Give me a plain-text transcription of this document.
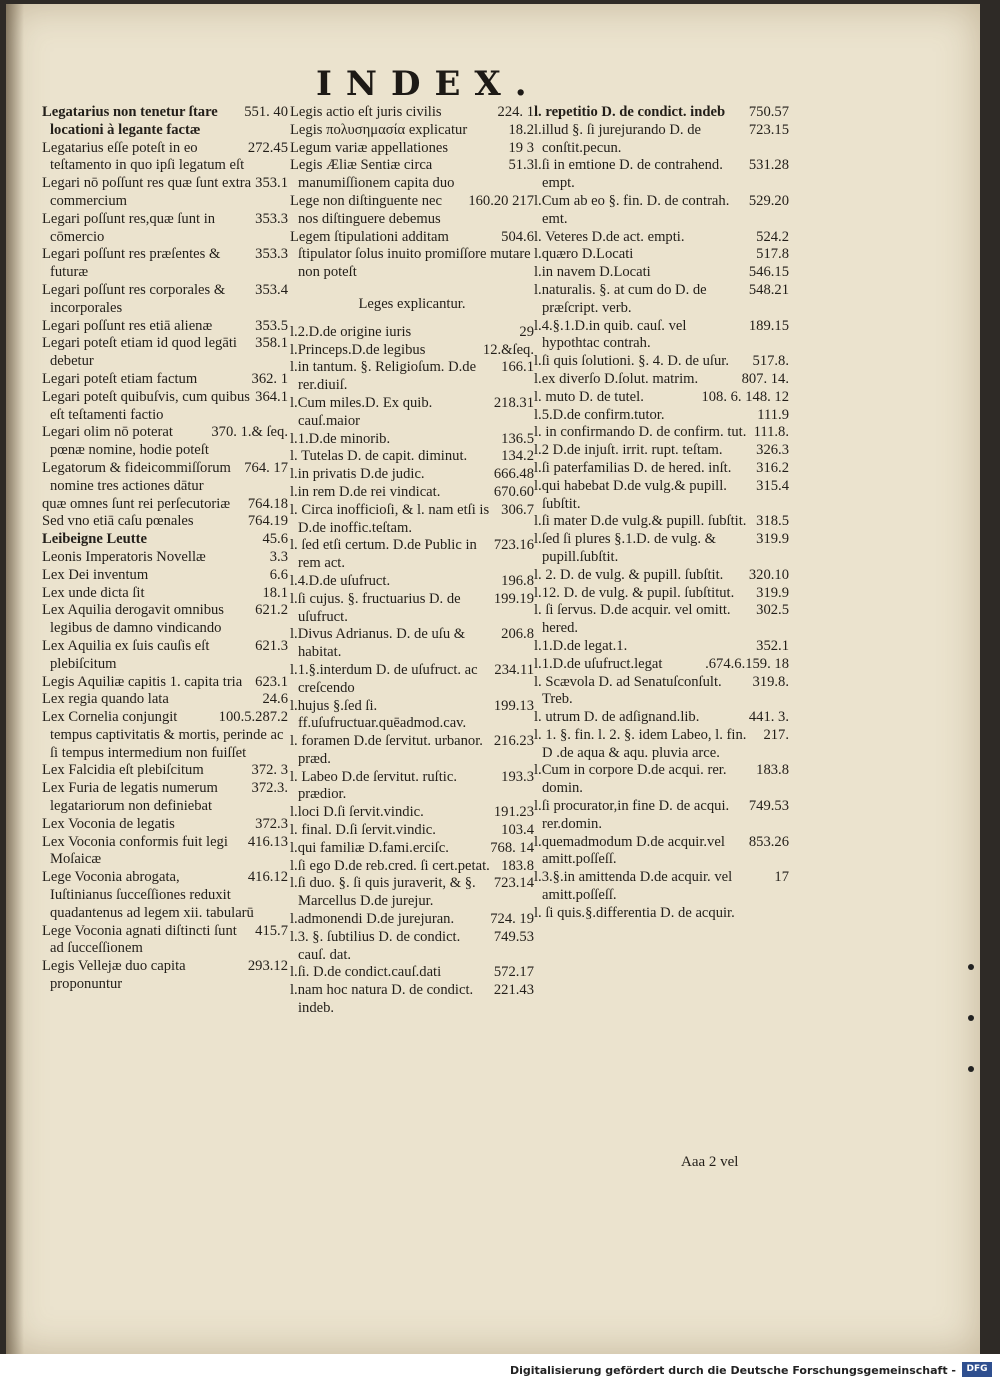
INDEX.

551. 40
Legatarius non tenetur ſtare locationi à legante factæ

272.45
Legatarius eſſe poteſt in eo teſtamento in quo ipſi legatum eſt

353.1
Legari nō poſſunt res quæ ſunt extra commercium

353.3
Legari poſſunt res,quæ ſunt in cōmercio

353.3
Legari poſſunt res præſentes & futuræ

353.4
Legari poſſunt res corporales & incorporales

353.5
Legari poſſunt res etiā alienæ

358.1
Legari poteſt etiam id quod legāti debetur

362. 1
Legari poteſt etiam factum

364.1
Legari poteſt quibuſvis, cum quibus eſt teſtamenti factio

370. 1.& ſeq.
Legari olim nō poterat pœnæ nomine, hodie poteſt

764. 17
Legatorum & fideicommiſſorum nomine tres actiones dātur

764.18
quæ omnes ſunt rei perſecutoriæ

764.19
Sed vno etiā caſu pœnales

45.6
Leibeigne Leutte

3.3
Leonis Imperatoris Novellæ

6.6
Lex Dei inventum

18.1
Lex unde dicta ſit

621.2
Lex Aquilia derogavit omnibus legibus de damno vindicando

621.3
Lex Aquilia ex ſuis cauſis eſt plebiſcitum

623.1
Legis Aquiliæ capitis 1. capita tria

24.6
Lex regia quando lata

100.5.287.2
Lex Cornelia conjungit tempus captivitatis & mortis, perinde ac ſi tempus intermedium non fuiſſet

372. 3
Lex Falcidia eſt plebiſcitum

372.3.
Lex Furia de legatis numerum legatariorum non definiebat

372.3
Lex Voconia de legatis

416.13
Lex Voconia conformis fuit legi Moſaicæ

416.12
Lege Voconia abrogata, Iuſtinianus ſucceſſiones reduxit quadantenus ad legem xii. tabularū

415.7
Lege Voconia agnati diſtincti ſunt ad ſucceſſionem

293.12
Legis Vellejæ duo capita proponuntur

224. 1
Legis actio eſt juris civilis

18.2
Legis πολυσημασία explicatur

19 3
Legum variæ appellationes

51.3
Legis Æliæ Sentiæ circa manumiſſionem capita duo

160.20 217
Lege non diſtinguente nec nos diſtinguere debemus

504.6
Legem ſtipulationi additam ſtipulator ſolus inuito promiſſore mutare non poteſt

Leges explicantur.

29
l.2.D.de origine iuris

12.&ſeq.
l.Princeps.D.de legibus

166.1
l.in tantum. §. Religioſum. D.de rer.diuiſ.

218.31
l.Cum miles.D. Ex quib. cauſ.maior

136.5
l.1.D.de minorib.

134.2
l. Tutelas D. de capit. diminut.

666.48
l.in privatis D.de judic.

670.60
l.in rem D.de rei vindicat.

306.7
l. Circa inofficioſi, & l. nam etſi is D.de inoffic.teſtam.

723.16
l. ſed etſi certum. D.de Public in rem act.

196.8
l.4.D.de uſufruct.

199.19
l.ſi cujus. §. fructuarius D. de uſufruct.

206.8
l.Divus Adrianus. D. de uſu & habitat.

234.11
l.1.§.interdum D. de uſufruct. ac creſcendo

199.13
l.hujus §.ſed ſi. ff.uſufructuar.quēadmod.cav.

216.23
l. foramen D.de ſervitut. urbanor. præd.

193.3
l. Labeo D.de ſervitut. ruſtic. prædior.

191.23
l.loci D.ſi ſervit.vindic.

103.4
l. final. D.ſi ſervit.vindic.

768. 14
l.qui familiæ D.fami.erciſc.

183.8
l.ſi ego D.de reb.cred. ſi cert.petat.

723.14
l.ſi duo. §. ſi quis juraverit, & §. Marcellus D.de jurejur.

724. 19
l.admonendi D.de jurejuran.

749.53
l.3. §. ſubtilius D. de condict. cauſ. dat.

572.17
l.ſi. D.de condict.cauſ.dati

221.43
l.nam hoc natura D. de condict. indeb.

750.57
l. repetitio D. de condict. indeb

723.15
l.illud §. ſi jurejurando D. de conſtit.pecun.

531.28
l.ſi in emtione D. de contrahend. empt.

529.20
l.Cum ab eo §. fin. D. de contrah. emt.

524.2
l. Veteres D.de act. empti.

517.8
l.quæro D.Locati

546.15
l.in navem D.Locati

548.21
l.naturalis. §. at cum do D. de præſcript. verb.

189.15
l.4.§.1.D.in quib. cauſ. vel hypothtac contrah.

517.8.
l.ſi quis ſolutioni. §. 4. D. de uſur.

807. 14.
l.ex diverſo D.ſolut. matrim.

108. 6. 148. 12
l. muto D. de tutel.

111.9
l.5.D.de confirm.tutor.

111.8.
l. in confirmando D. de confirm. tut.

326.3
l.2 D.de injuſt. irrit. rupt. teſtam.

316.2
l.ſi paterfamilias D. de hered. inſt.

315.4
l.qui habebat D.de vulg.& pupill. ſubſtit.

318.5
l.ſi mater D.de vulg.& pupill. ſubſtit.

319.9
l.ſed ſi plures §.1.D. de vulg. & pupill.ſubſtit.

320.10
l. 2. D. de vulg. & pupill. ſubſtit.

319.9
l.12. D. de vulg. & pupil. ſubſtitut.

302.5
l. ſi ſervus. D.de acquir. vel omitt. hered.

352.1
l.1.D.de legat.1.

.674.6.159. 18
l.1.D.de uſufruct.legat

319.8.
l. Scævola D. ad Senatuſconſult. Treb.

441. 3.
l. utrum D. de adſignand.lib.

217.
l. 1. §. fin. l. 2. §. idem Labeo, l. fin. D .de aqua & aqu. pluvia arce.

183.8
l.Cum in corpore D.de acqui. rer. domin.

749.53
l.ſi procurator,in fine D. de acqui. rer.domin.

853.26
l.quemadmodum D.de acquir.vel amitt.poſſeſſ.

17
l.3.§.in amittenda D.de acquir. vel amitt.poſſeſſ.

l. ſi quis.§.differentia D. de acquir.

Aaa 2 vel
Digitalisierung gefördert durch die Deutsche Forschungsgemeinschaft -	DFG
